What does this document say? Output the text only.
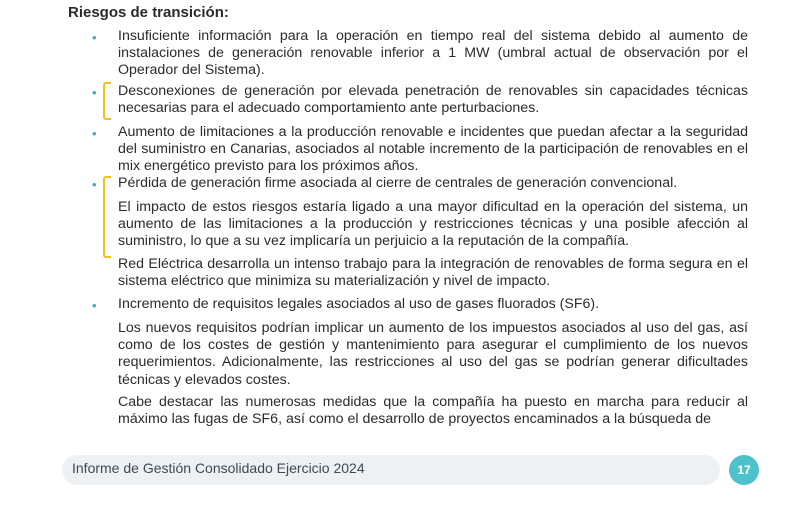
Riesgos de transición:
• Insuficiente información para la operación en tiempo real del sistema debido al aumento de instalaciones de generación renovable inferior a 1 MW (umbral actual de observación por el Operador del Sistema).
• Desconexiones de generación por elevada penetración de renovables sin capacidades técnicas necesarias para el adecuado comportamiento ante perturbaciones.
• Aumento de limitaciones a la producción renovable e incidentes que puedan afectar a la seguridad del suministro en Canarias, asociados al notable incremento de la participación de renovables en el mix energético previsto para los próximos años.
• Pérdida de generación firme asociada al cierre de centrales de generación convencional.
El impacto de estos riesgos estaría ligado a una mayor dificultad en la operación del sistema, un aumento de las limitaciones a la producción y restricciones técnicas y una posible afección al suministro, lo que a su vez implicaría un perjuicio a la reputación de la compañía.
Red Eléctrica desarrolla un intenso trabajo para la integración de renovables de forma segura en el sistema eléctrico que minimiza su materialización y nivel de impacto.
• Incremento de requisitos legales asociados al uso de gases fluorados (SF6).
Los nuevos requisitos podrían implicar un aumento de los impuestos asociados al uso del gas, así como de los costes de gestión y mantenimiento para asegurar el cumplimiento de los nuevos requerimientos. Adicionalmente, las restricciones al uso del gas se podrían generar dificultades técnicas y elevados costes.
Cabe destacar las numerosas medidas que la compañía ha puesto en marcha para reducir al máximo las fugas de SF6, así como el desarrollo de proyectos encaminados a la búsqueda de
Informe de Gestión Consolidado Ejercicio 2024	17
